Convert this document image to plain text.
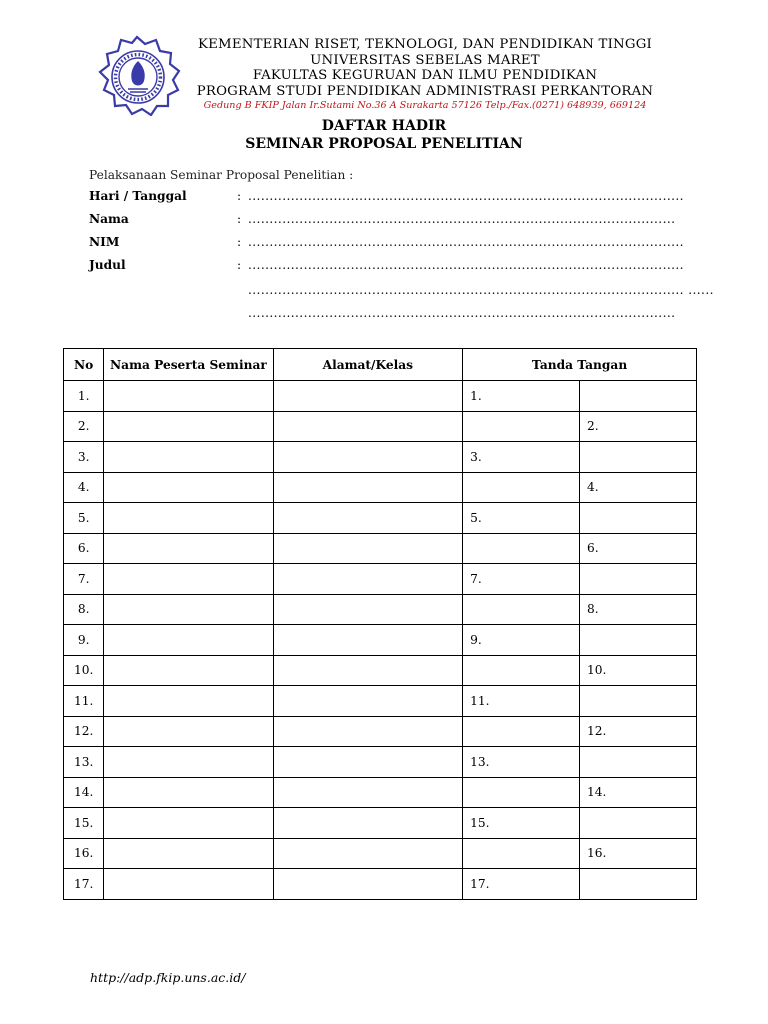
KEMENTERIAN RISET, TEKNOLOGI, DAN PENDIDIKAN TINGGI
UNIVERSITAS SEBELAS MARET
FAKULTAS KEGURUAN DAN ILMU PENDIDIKAN
PROGRAM STUDI PENDIDIKAN ADMINISTRASI PERKANTORAN
Gedung B FKIP Jalan Ir.Sutami No.36 A Surakarta 57126 Telp./Fax.(0271) 648939, 669124
DAFTAR HADIR
SEMINAR PROPOSAL PENELITIAN
Pelaksanaan Seminar Proposal Penelitian :
Hari / Tanggal	: ......................................................................................................
Nama	: ....................................................................................................
NIM	: ......................................................................................................
Judul	: ......................................................................................................
...................................................................................................... ......
....................................................................................................
No	Nama Peserta Seminar	Alamat/Kelas	Tanda Tangan	
1.			1.	
2.				2.
3.			3.	
4.				4.
5.			5.	
6.				6.
7.			7.	
8.				8.
9.			9.	
10.				10.
11.			11.	
12.				12.
13.			13.	
14.				14.
15.			15.	
16.				16.
17.			17.	
http://adp.fkip.uns.ac.id/
